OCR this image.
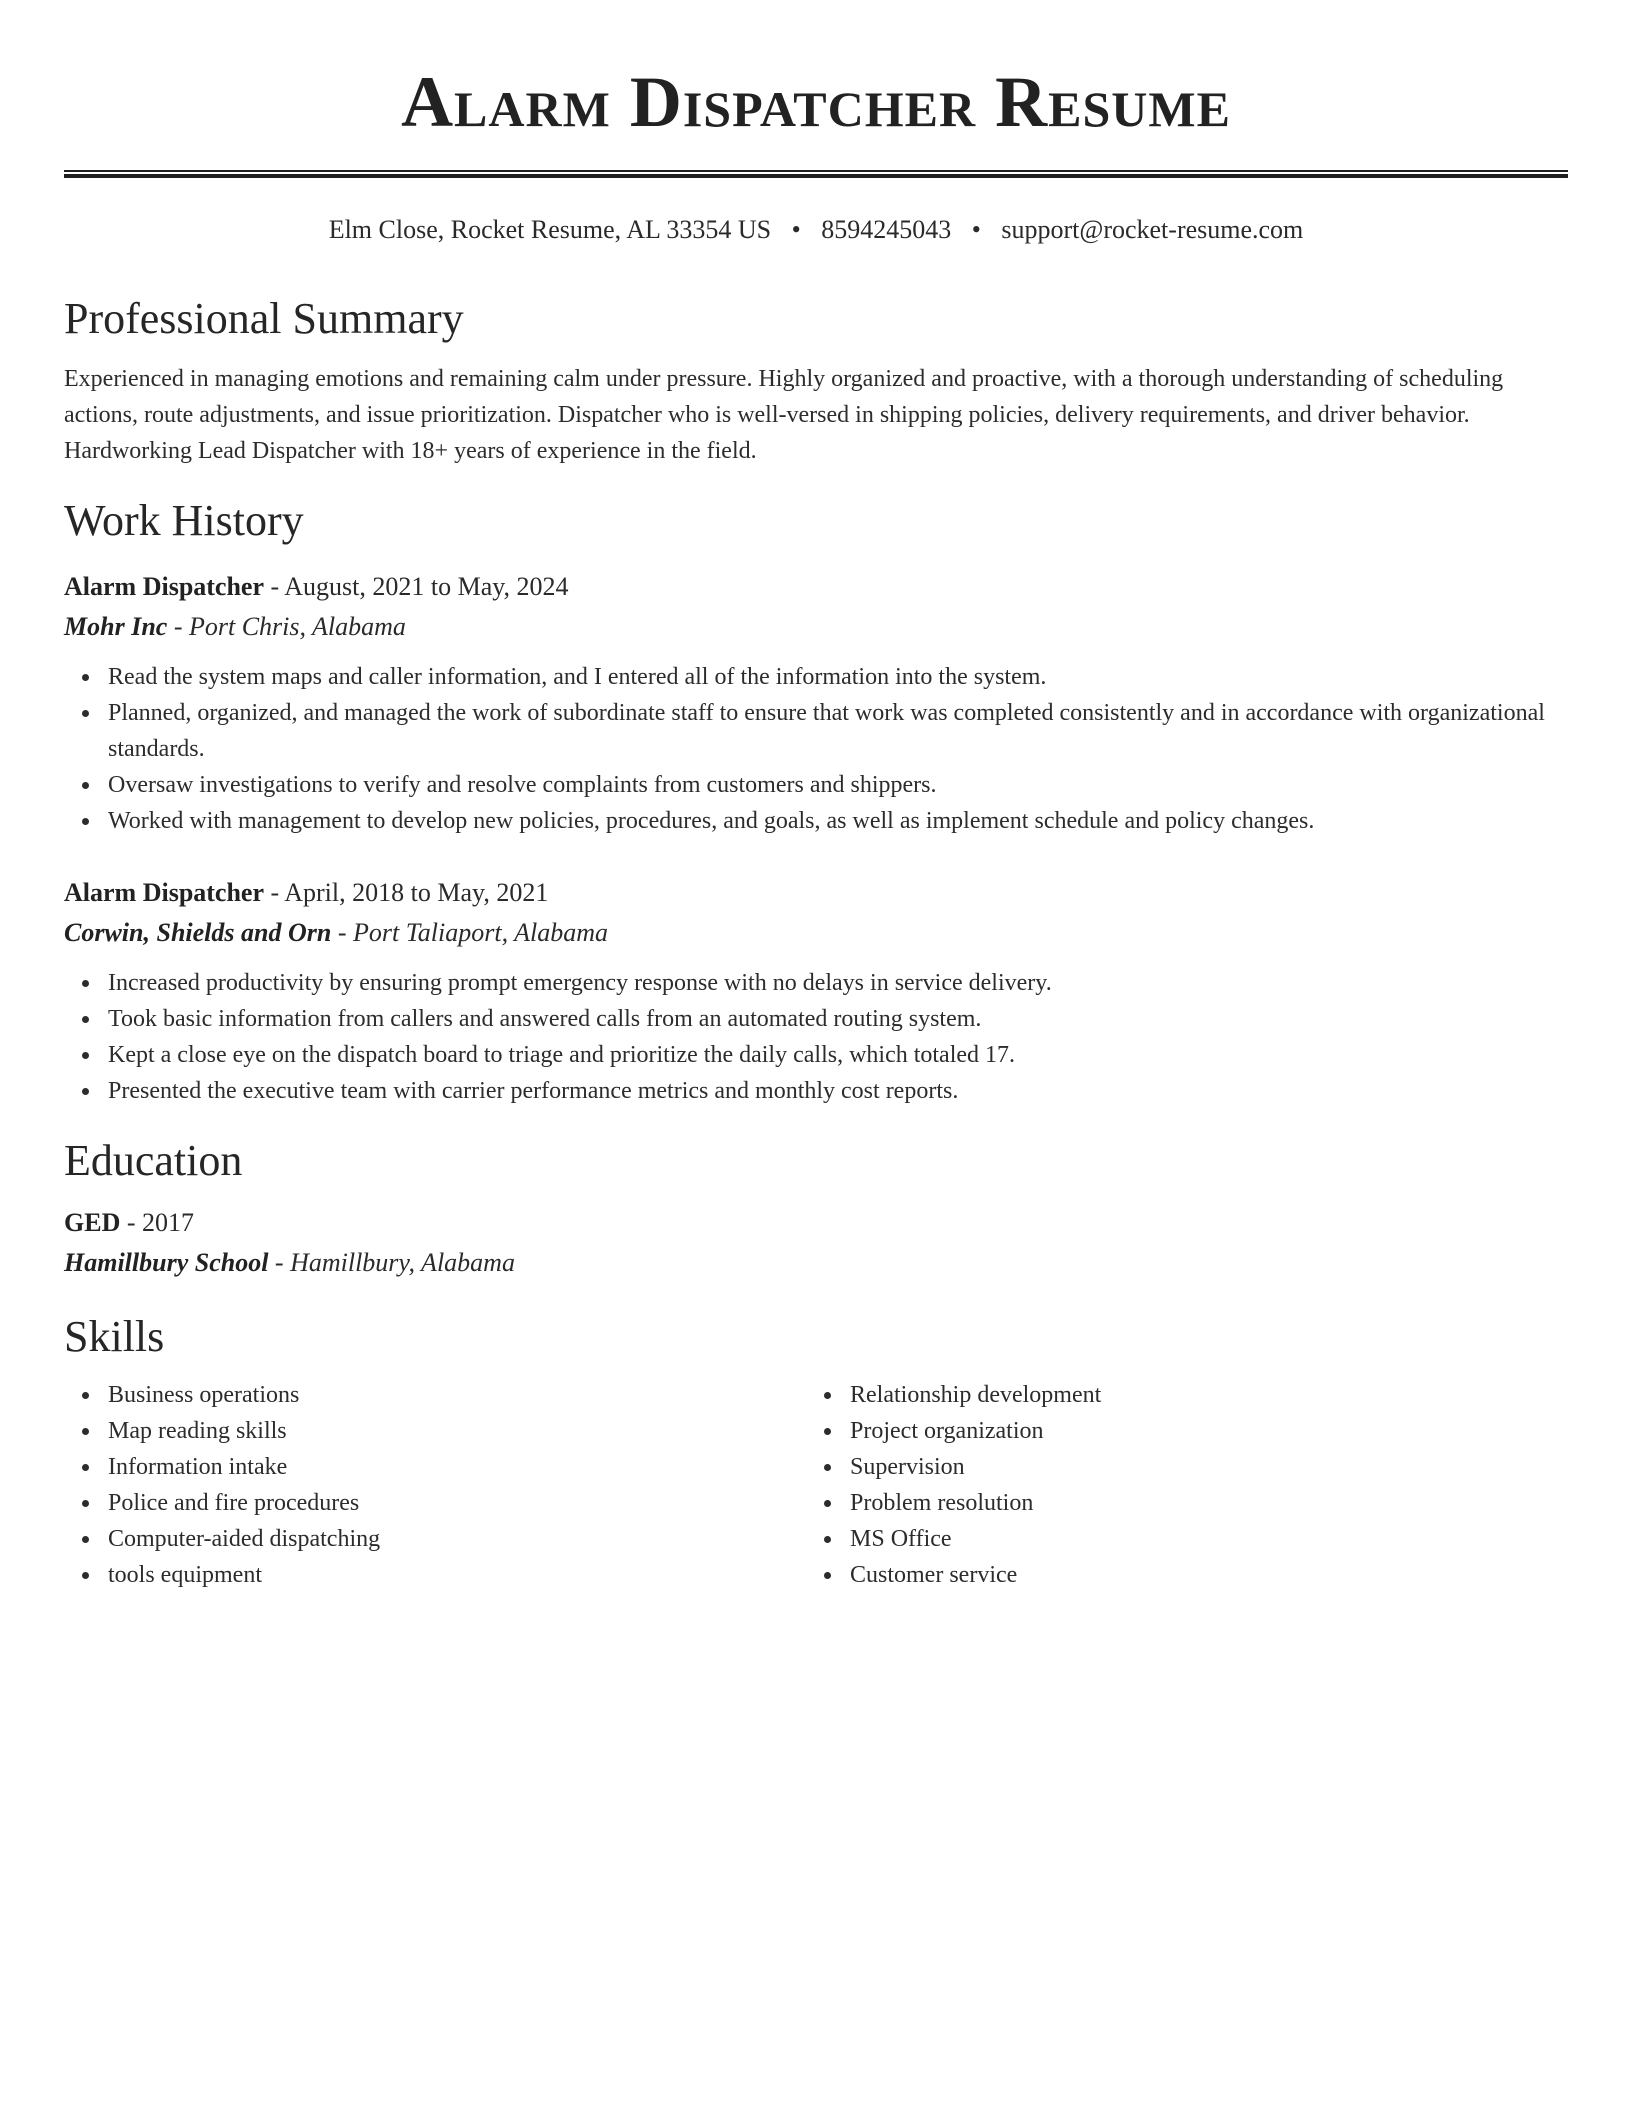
Alarm Dispatcher Resume
Elm Close, Rocket Resume, AL 33354 US • 8594245043 • support@rocket-resume.com
Professional Summary

Experienced in managing emotions and remaining calm under pressure. Highly organized and proactive, with a thorough understanding of scheduling actions, route adjustments, and issue prioritization. Dispatcher who is well-versed in shipping policies, delivery requirements, and driver behavior. Hardworking Lead Dispatcher with 18+ years of experience in the field.

Work History
Alarm Dispatcher - August, 2021 to May, 2024
Mohr Inc - Port Chris, Alabama
Read the system maps and caller information, and I entered all of the information into the system.
Planned, organized, and managed the work of subordinate staff to ensure that work was completed consistently and in accordance with organizational standards.
Oversaw investigations to verify and resolve complaints from customers and shippers.
Worked with management to develop new policies, procedures, and goals, as well as implement schedule and policy changes.
Alarm Dispatcher - April, 2018 to May, 2021
Corwin, Shields and Orn - Port Taliaport, Alabama
Increased productivity by ensuring prompt emergency response with no delays in service delivery.
Took basic information from callers and answered calls from an automated routing system.
Kept a close eye on the dispatch board to triage and prioritize the daily calls, which totaled 17.
Presented the executive team with carrier performance metrics and monthly cost reports.
Education
GED - 2017
Hamillbury School - Hamillbury, Alabama
Skills
Business operations
Map reading skills
Information intake
Police and fire procedures
Computer-aided dispatching
tools equipment
Relationship development
Project organization
Supervision
Problem resolution
MS Office
Customer service
